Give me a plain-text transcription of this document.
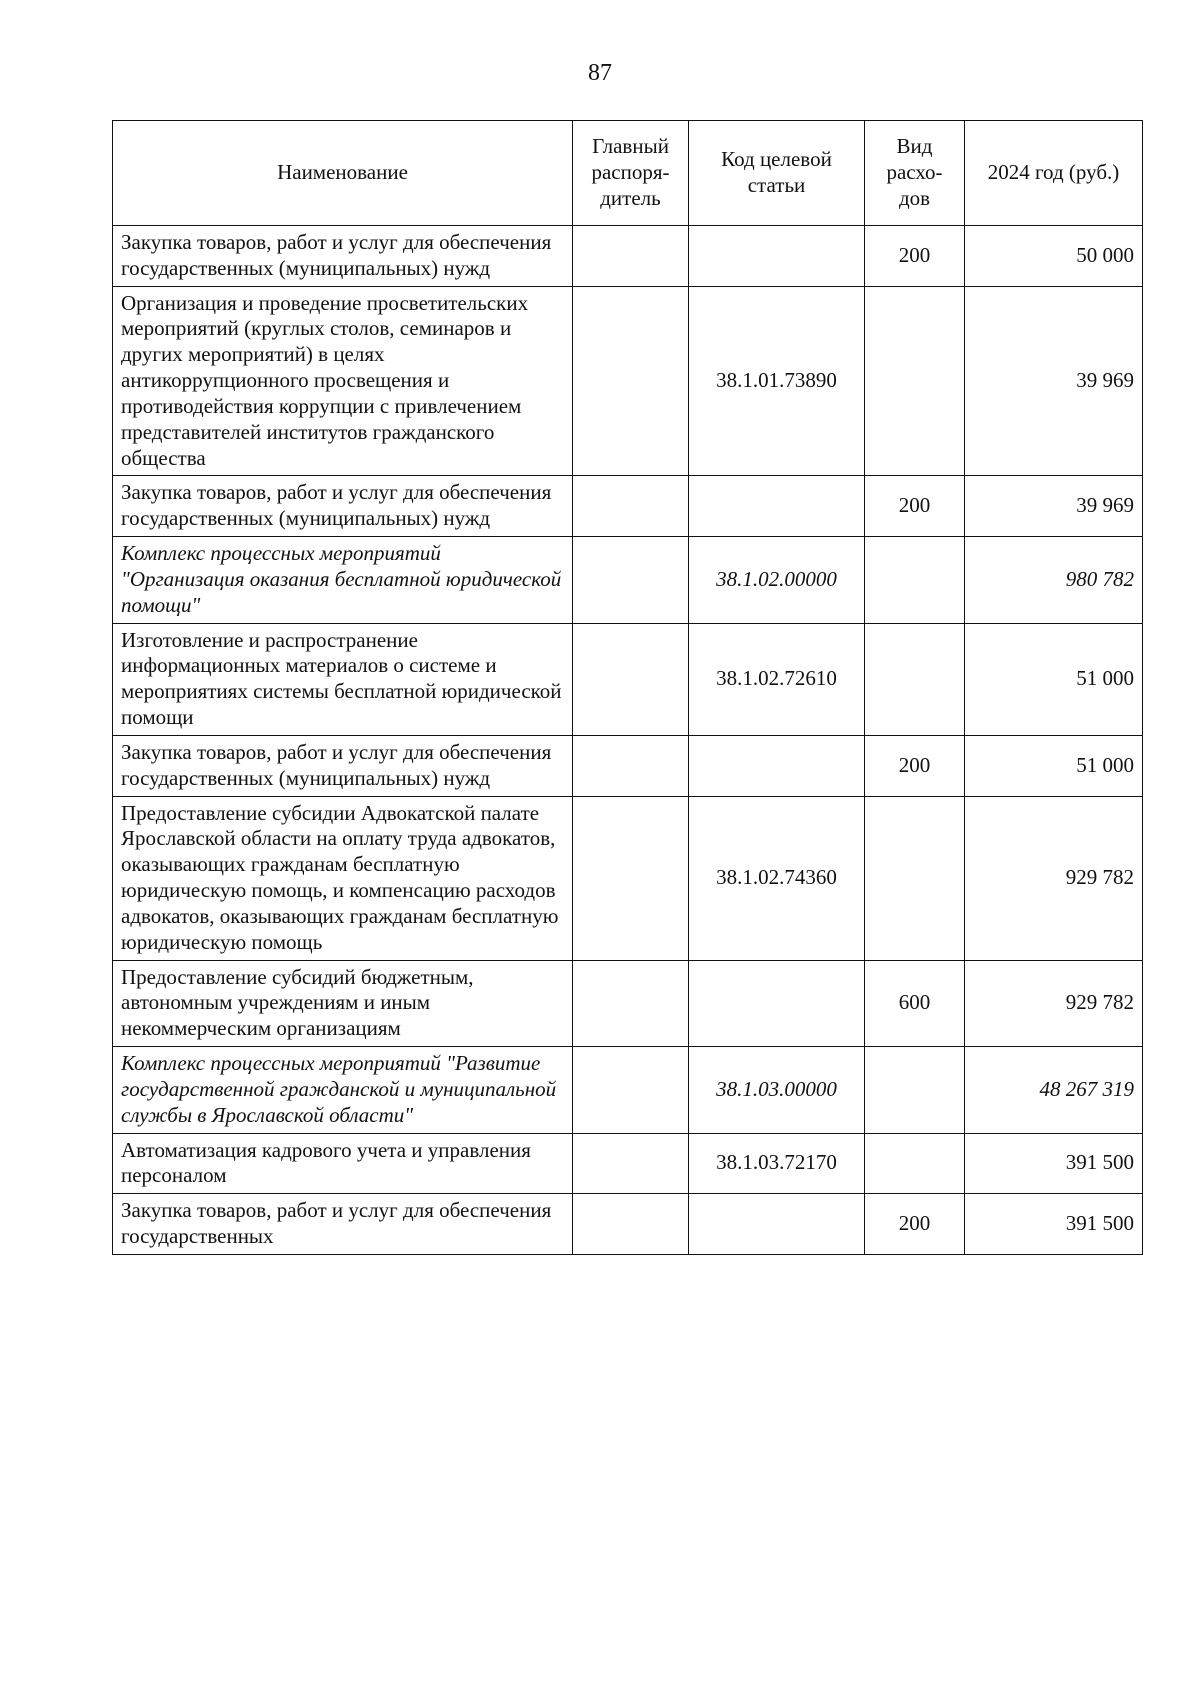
87
Наименование	Главный распоря-дитель	Код целевой статьи	Вид расхо-дов	2024 год (руб.)
Закупка товаров, работ и услуг для обеспечения государственных (муниципальных) нужд			200	50 000
Организация и проведение просветительских мероприятий (круглых столов, семинаров и других мероприятий) в целях антикоррупционного просвещения и противодействия коррупции с привлечением представителей институтов гражданского общества		38.1.01.73890		39 969
Закупка товаров, работ и услуг для обеспечения государственных (муниципальных) нужд			200	39 969
Комплекс процессных мероприятий "Организация оказания бесплатной юридической помощи"		38.1.02.00000		980 782
Изготовление и распространение информационных материалов о системе и мероприятиях системы бесплатной юридической помощи		38.1.02.72610		51 000
Закупка товаров, работ и услуг для обеспечения государственных (муниципальных) нужд			200	51 000
Предоставление субсидии Адвокатской палате Ярославской области на оплату труда адвокатов, оказывающих гражданам бесплатную юридическую помощь, и компенсацию расходов адвокатов, оказывающих гражданам бесплатную юридическую помощь		38.1.02.74360		929 782
Предоставление субсидий бюджетным, автономным учреждениям и иным некоммерческим организациям			600	929 782
Комплекс процессных мероприятий "Развитие государственной гражданской и муниципальной службы в Ярославской области"		38.1.03.00000		48 267 319
Автоматизация кадрового учета и управления персоналом		38.1.03.72170		391 500
Закупка товаров, работ и услуг для обеспечения государственных			200	391 500
